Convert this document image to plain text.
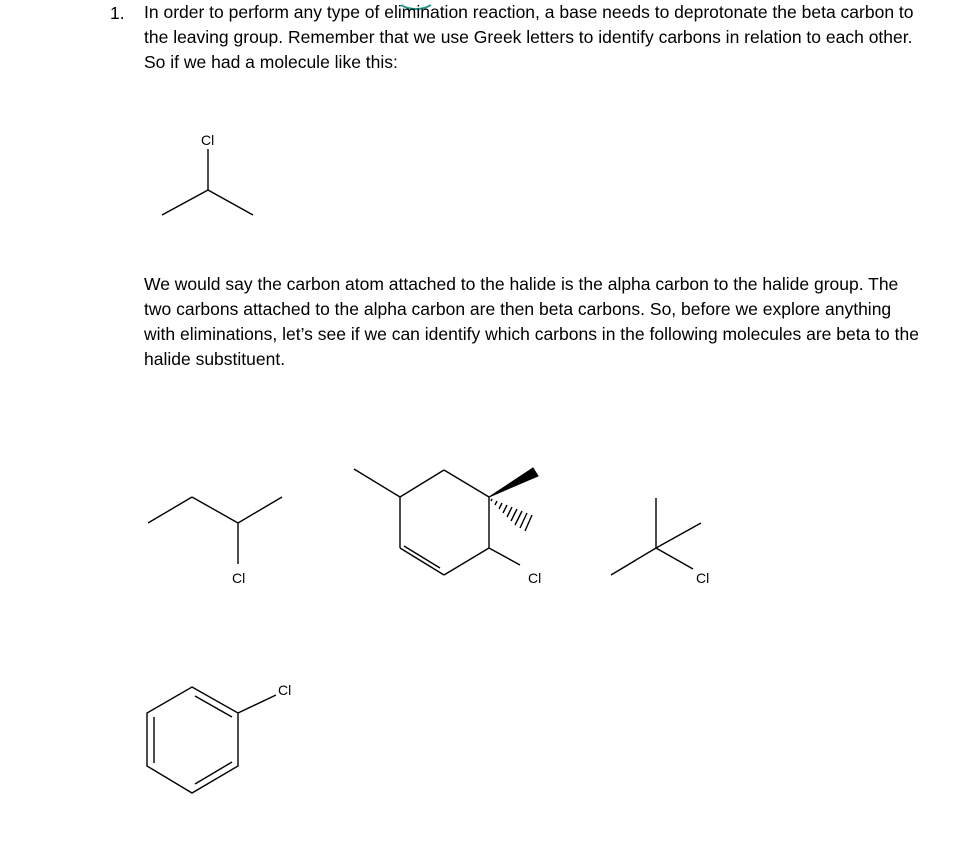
1. In order to perform any type of elimination reaction, a base needs to deprotonate the beta carbon to the leaving group. Remember that we use Greek letters to identify carbons in relation to each other. So if we had a molecule like this:

Cl

We would say the carbon atom attached to the halide is the alpha carbon to the halide group. The two carbons attached to the alpha carbon are then beta carbons. So, before we explore anything with eliminations, let’s see if we can identify which carbons in the following molecules are beta to the halide substituent.

Cl	Cl	Cl
Cl
